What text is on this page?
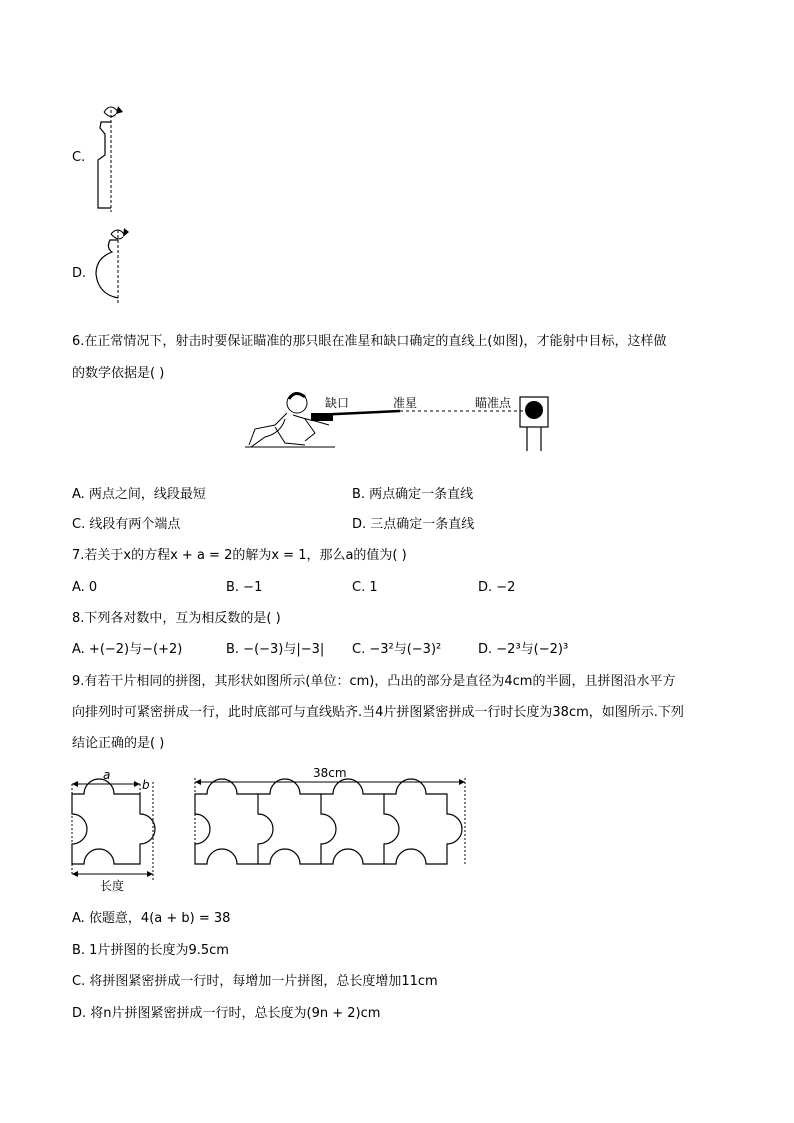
C.
D.
6.在正常情况下，射击时要保证瞄准的那只眼在准星和缺口确定的直线上(如图)，才能射中目标，这样做
的数学依据是( )
缺口	准星	瞄准点
A. 两点之间，线段最短	B. 两点确定一条直线
C. 线段有两个端点	D. 三点确定一条直线
7.若关于x的方程x + a = 2的解为x = 1，那么a的值为( )
A. 0	B. −1	C. 1	D. −2
8.下列各对数中，互为相反数的是( )
A. +(−2)与−(+2)	B. −(−3)与|−3| C. −3²与(−3)²	D. −2³与(−2)³
9.有若干片相同的拼图，其形状如图所示(单位：cm)，凸出的部分是直径为4cm的半圆，且拼图沿水平方
向排列时可紧密拼成一行，此时底部可与直线贴齐.当4片拼图紧密拼成一行时长度为38cm，如图所示.下列
结论正确的是( )
a
b
长度
38cm
A. 依题意，4(a + b) = 38
B. 1片拼图的长度为9.5cm
C. 将拼图紧密拼成一行时，每增加一片拼图，总长度增加11cm
D. 将n片拼图紧密拼成一行时，总长度为(9n + 2)cm
